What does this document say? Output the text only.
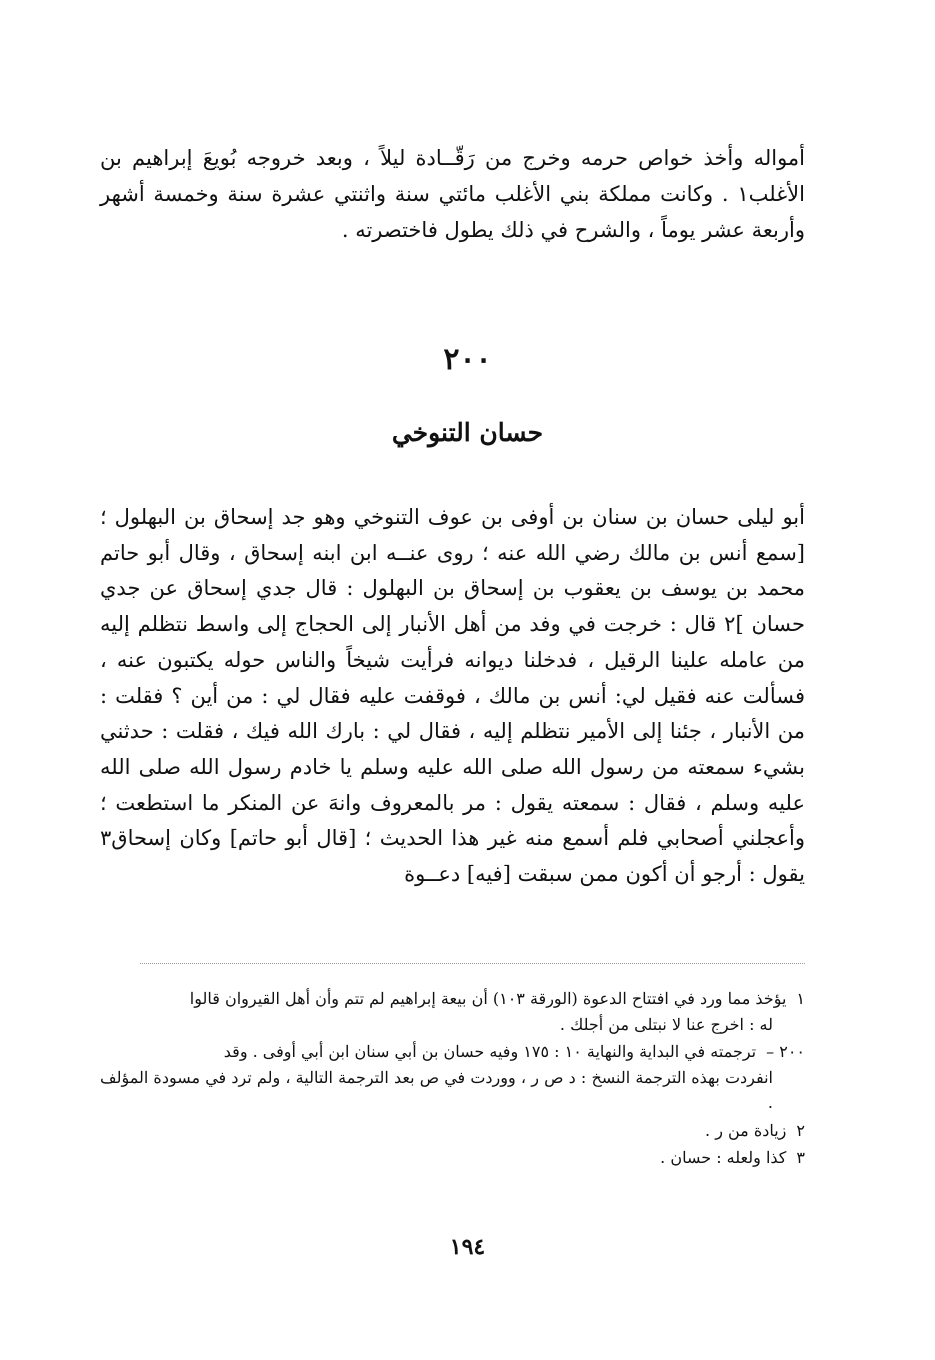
أمواله وأخذ خواص حرمه وخرج من رَقّــادة ليلاً ، وبعد خروجه بُويعَ إبراهيم بن الأغلب١ . وكانت مملكة بني الأغلب مائتي سنة واثنتي عشرة سنة وخمسة أشهر وأربعة عشر يوماً ، والشرح في ذلك يطول فاختصرته .

٢٠٠
حسان التنوخي

أبو ليلى حسان بن سنان بن أوفى بن عوف التنوخي وهو جد إسحاق بن البهلول ؛ [سمع أنس بن مالك رضي الله عنه ؛ روى عنــه ابن ابنه إسحاق ، وقال أبو حاتم محمد بن يوسف بن يعقوب بن إسحاق بن البهلول : قال جدي إسحاق عن جدي حسان ]٢ قال : خرجت في وفد من أهل الأنبار إلى الحجاج إلى واسط نتظلم إليه من عامله علينا الرقيل ، فدخلنا ديوانه فرأيت شيخاً والناس حوله يكتبون عنه ، فسألت عنه فقيل لي: أنس بن مالك ، فوقفت عليه فقال لي : من أين ؟ فقلت : من الأنبار ، جئنا إلى الأمير نتظلم إليه ، فقال لي : بارك الله فيك ، فقلت : حدثني بشيء سمعته من رسول الله صلى الله عليه وسلم يا خادم رسول الله صلى الله عليه وسلم ، فقال : سمعته يقول : مر بالمعروف وانهَ عن المنكر ما استطعت ؛ وأعجلني أصحابي فلم أسمع منه غير هذا الحديث ؛ [قال أبو حاتم] وكان إسحاق٣ يقول : أرجو أن أكون ممن سبقت [فيه] دعــوة

١يؤخذ مما ورد في افتتاح الدعوة (الورقة ١٠٣) أن بيعة إبراهيم لم تتم وأن أهل القيروان قالوا
له : اخرج عنا لا نبتلى من أجلك .
٢٠٠ –ترجمته في البداية والنهاية ١٠ : ١٧٥ وفيه حسان بن أبي سنان ابن أبي أوفى . وقد
انفردت بهذه الترجمة النسخ : د ص ر ، ووردت في ص بعد الترجمة التالية ، ولم ترد في مسودة المؤلف .
٢زيادة من ر .
٣كذا ولعله : حسان .
١٩٤
